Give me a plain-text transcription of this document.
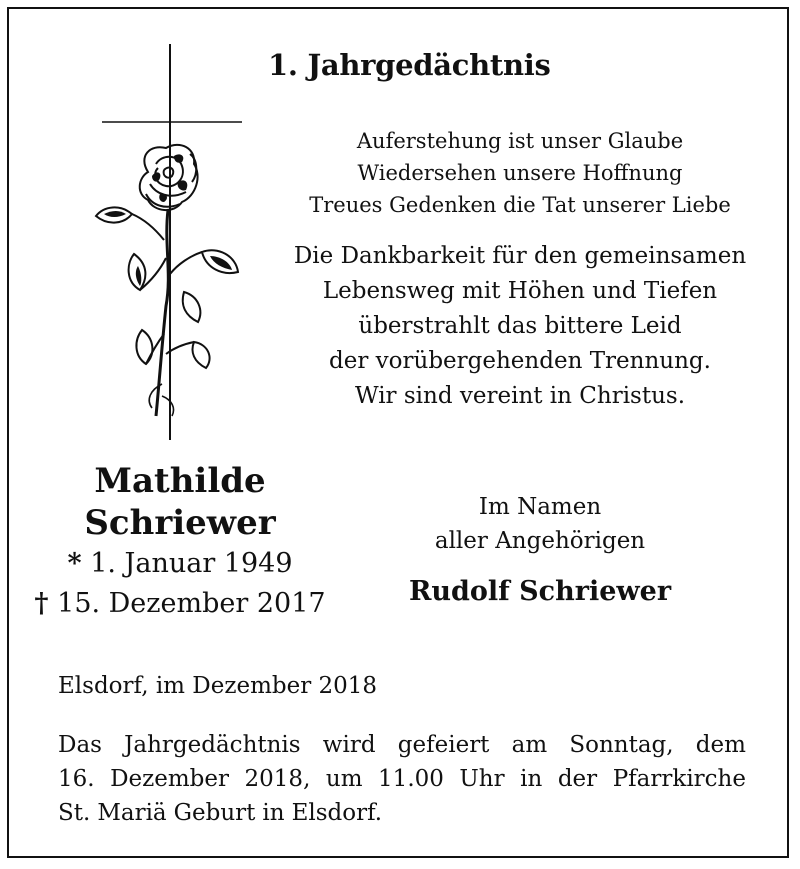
1. Jahrgedächtnis
Auferstehung ist unser Glaube
Wiedersehen unsere Hoffnung
Treues Gedenken die Tat unserer Liebe
Die Dankbarkeit für den gemeinsamen
Lebensweg mit Höhen und Tiefen
überstrahlt das bittere Leid
der vorübergehenden Trennung.
Wir sind vereint in Christus.
Mathilde
Schriewer
* 1. Januar 1949
† 15. Dezember 2017
Im Namen
aller Angehörigen
Rudolf Schriewer
Elsdorf, im Dezember 2018
Das Jahrgedächtnis wird gefeiert am Sonntag, dem
16. Dezember 2018, um 11.00 Uhr in der Pfarrkirche
St. Mariä Geburt in Elsdorf.
